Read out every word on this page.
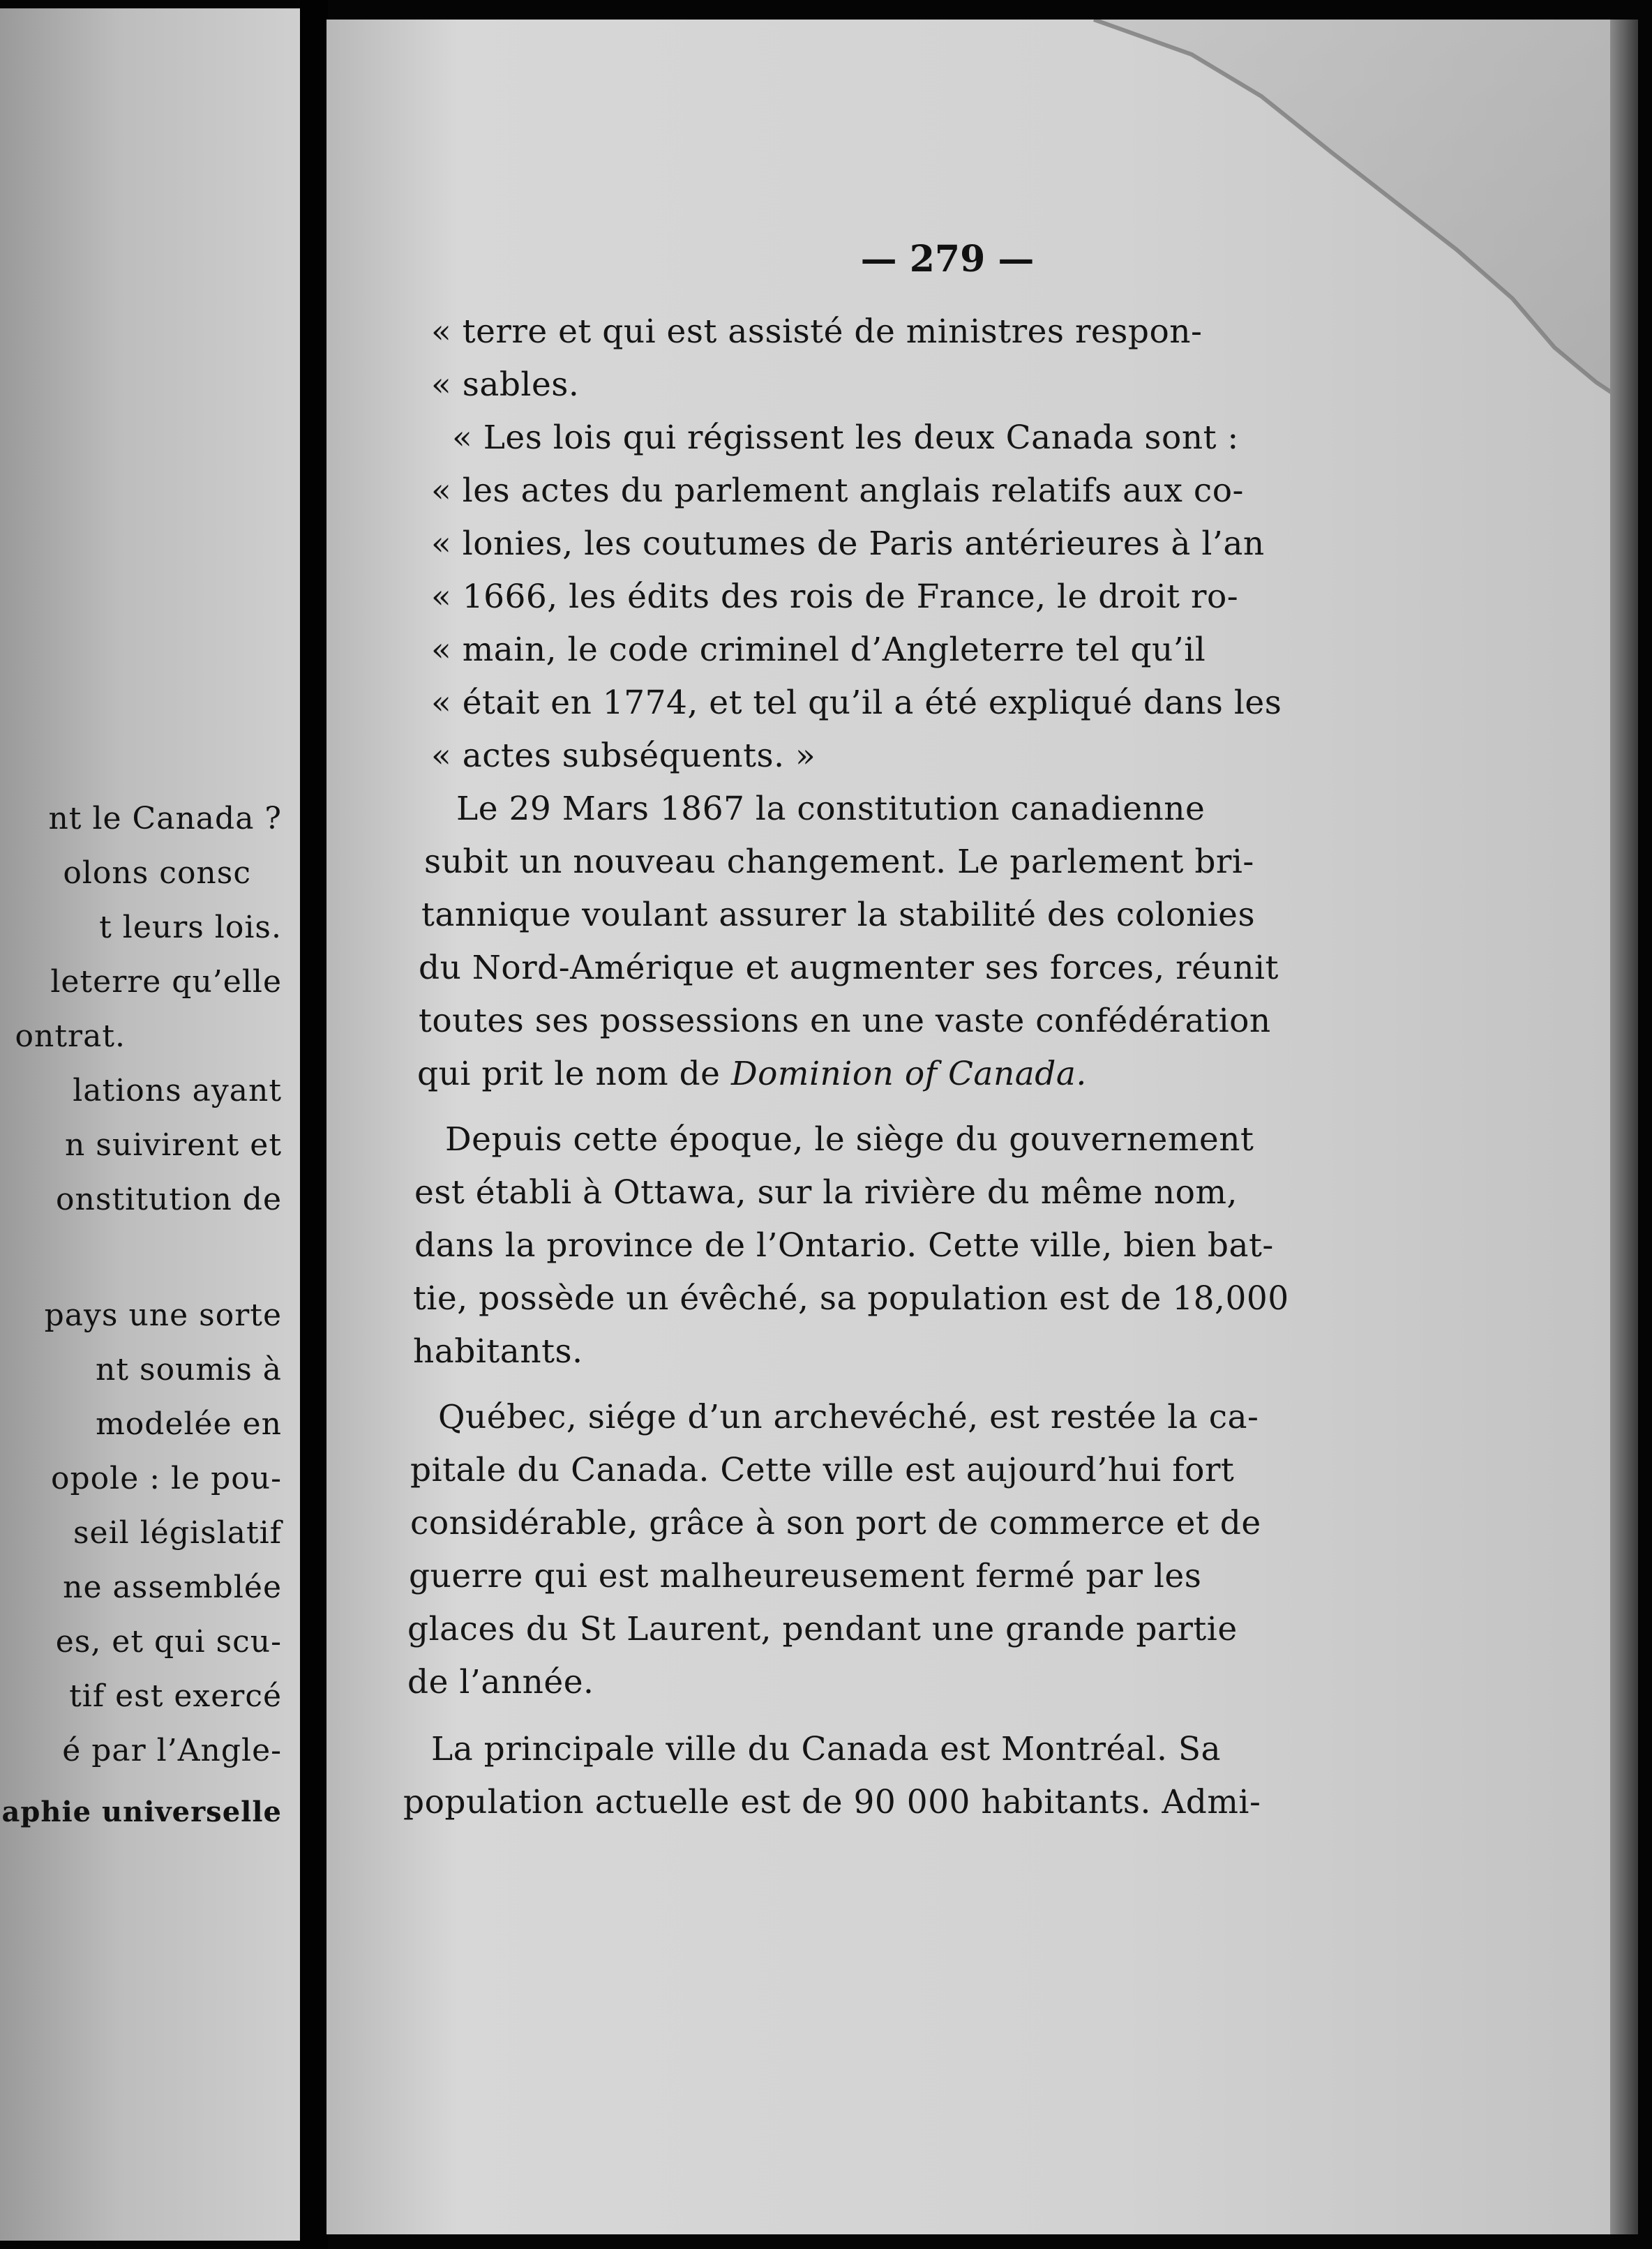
nt le Canada ?
olons consc
t leurs lois.
leterre qu’elle
ontrat.
lations ayant
n suivirent et
onstitution de
pays une sorte
nt soumis à
modelée en
opole : le pou-
seil législatif
ne assemblée
es, et qui scu-
tif est exercé
é par l’Angle-
aphie universelle
— 279 —
« terre et qui est assisté de ministres respon-
« sables.
« Les lois qui régissent les deux Canada sont :
« les actes du parlement anglais relatifs aux co-
« lonies, les coutumes de Paris antérieures à l’an
« 1666, les édits des rois de France, le droit ro-
« main, le code criminel d’Angleterre tel qu’il
« était en 1774, et tel qu’il a été expliqué dans les
« actes subséquents. »
Le 29 Mars 1867 la constitution canadienne
subit un nouveau changement. Le parlement bri-
tannique voulant assurer la stabilité des colonies
du Nord-Amérique et augmenter ses forces, réunit
toutes ses possessions en une vaste confédération
qui prit le nom de Dominion of Canada.
Depuis cette époque, le siège du gouvernement
est établi à Ottawa, sur la rivière du même nom,
dans la province de l’Ontario. Cette ville, bien bat-
tie, possède un évêché, sa population est de 18,000
habitants.
Québec, siége d’un archevéché, est restée la ca-
pitale du Canada. Cette ville est aujourd’hui fort
considérable, grâce à son port de commerce et de
guerre qui est malheureusement fermé par les
glaces du St Laurent, pendant une grande partie
de l’année.
La principale ville du Canada est Montréal. Sa
population actuelle est de 90 000 habitants. Admi-
